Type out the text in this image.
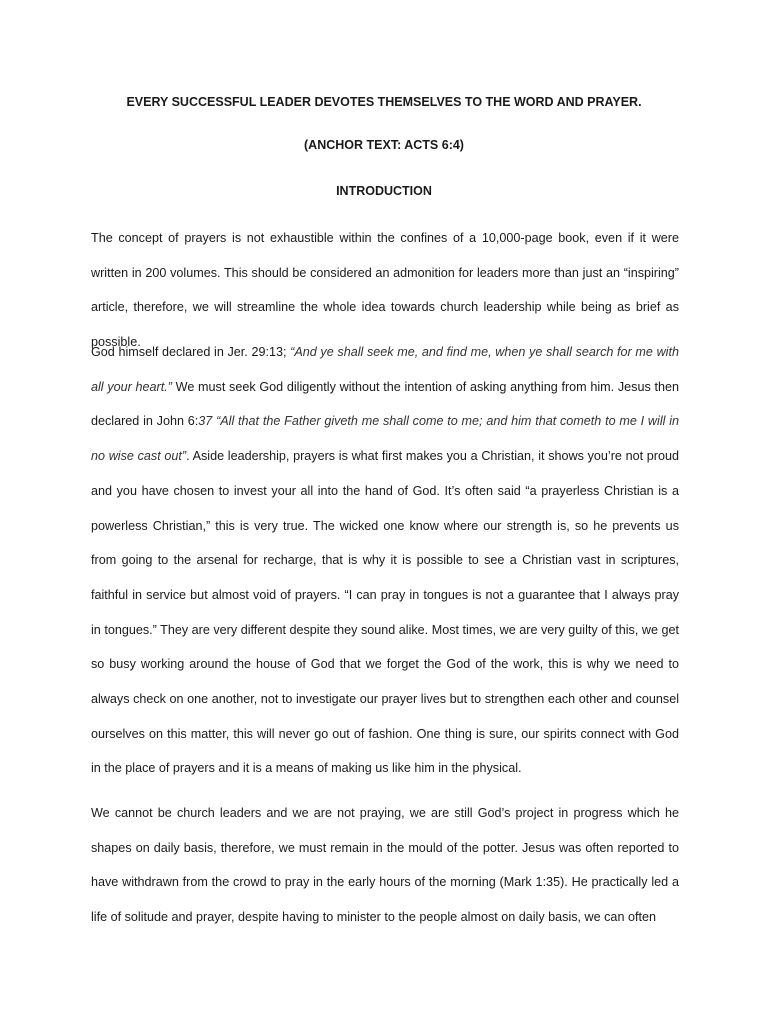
EVERY SUCCESSFUL LEADER DEVOTES THEMSELVES TO THE WORD AND PRAYER.
(ANCHOR TEXT: ACTS 6:4)
INTRODUCTION
The concept of prayers is not exhaustible within the confines of a 10,000-page book, even if it were written in 200 volumes. This should be considered an admonition for leaders more than just an “inspiring” article, therefore, we will streamline the whole idea towards church leadership while being as brief as possible.
God himself declared in Jer. 29:13; “And ye shall seek me, and find me, when ye shall search for me with all your heart.” We must seek God diligently without the intention of asking anything from him. Jesus then declared in John 6:37 “All that the Father giveth me shall come to me; and him that cometh to me I will in no wise cast out”. Aside leadership, prayers is what first makes you a Christian, it shows you’re not proud and you have chosen to invest your all into the hand of God. It’s often said “a prayerless Christian is a powerless Christian,” this is very true. The wicked one know where our strength is, so he prevents us from going to the arsenal for recharge, that is why it is possible to see a Christian vast in scriptures, faithful in service but almost void of prayers. “I can pray in tongues is not a guarantee that I always pray in tongues.” They are very different despite they sound alike. Most times, we are very guilty of this, we get so busy working around the house of God that we forget the God of the work, this is why we need to always check on one another, not to investigate our prayer lives but to strengthen each other and counsel ourselves on this matter, this will never go out of fashion. One thing is sure, our spirits connect with God in the place of prayers and it is a means of making us like him in the physical.
We cannot be church leaders and we are not praying, we are still God’s project in progress which he shapes on daily basis, therefore, we must remain in the mould of the potter. Jesus was often reported to have withdrawn from the crowd to pray in the early hours of the morning (Mark 1:35). He practically led a life of solitude and prayer, despite having to minister to the people almost on daily basis, we can often
